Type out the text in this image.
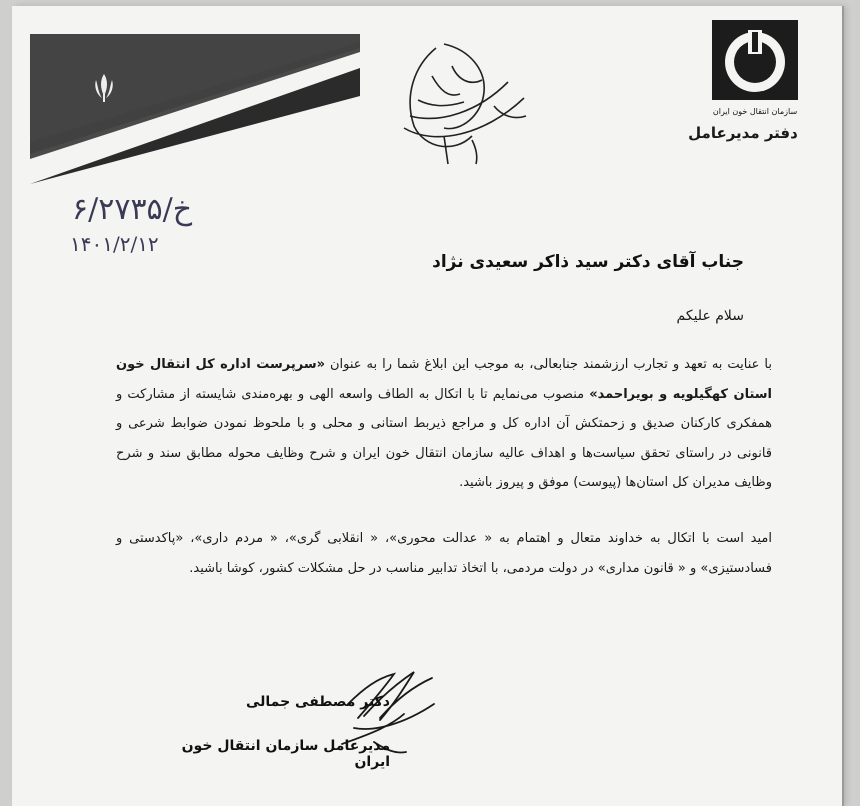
سازمان انتقال خون ایران
دفتر مدیرعامل
۶/۲۷۳۵/خ
۱۴۰۱/۲/۱۲
جناب آقای دکتر سید ذاکر سعیدی نژاد
سلام علیکم
با عنایت به تعهد و تجارب ارزشمند جنابعالی، به موجب این ابلاغ شما را به عنوان «سرپرست اداره کل انتقال خون استان کهگیلویه و بویراحمد» منصوب می‌نمایم تا با اتکال به الطاف واسعه الهی و بهره‌مندی شایسته از مشارکت و همفکری کارکنان صدیق و زحمتکش آن اداره کل و مراجع ذیربط استانی و محلی و با ملحوظ نمودن ضوابط شرعی و قانونی در راستای تحقق سیاست‌ها و اهداف عالیه سازمان انتقال خون ایران و شرح وظایف محوله مطابق سند و شرح وظایف مدیران کل استان‌ها (پیوست) موفق و پیروز باشید.
امید است با اتکال به خداوند متعال و اهتمام به « عدالت محوری»، « انقلابی گری»، « مردم داری»، «پاکدستی و فسادستیزی» و « قانون مداری» در دولت مردمی، با اتخاذ تدابیر مناسب در حل مشکلات کشور، کوشا باشید.
دکتر مصطفی جمالی
مدیرعامل سازمان انتقال خون ایران
